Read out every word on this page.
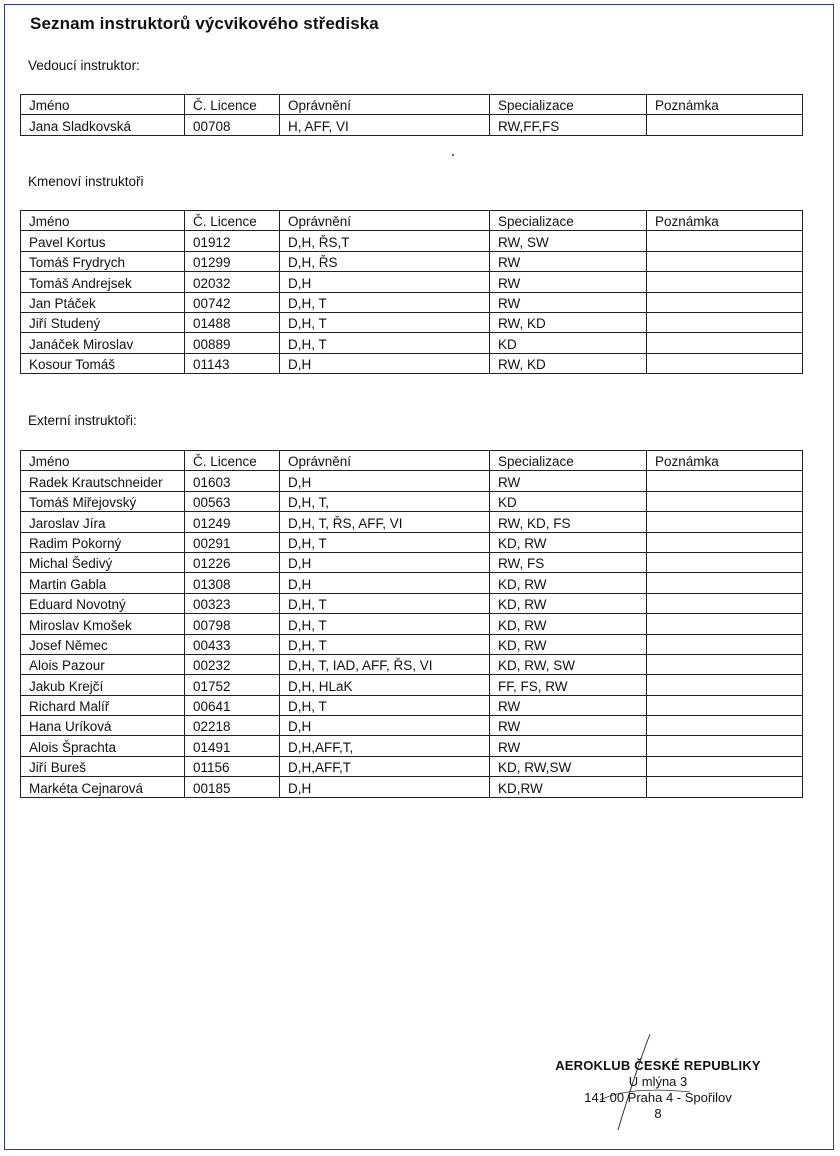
Seznam instruktorů výcvikového střediska
Vedoucí instruktor:
Jméno	Č. Licence	Oprávnění	Specializace	Poznámka
Jana Sladkovská	00708	H, AFF, VI	RW,FF,FS	
Kmenoví instruktoři
Jméno	Č. Licence	Oprávnění	Specializace	Poznámka
Pavel Kortus	01912	D,H, ŘS,T	RW, SW	
Tomáš Frydrych	01299	D,H, ŘS	RW	
Tomáš Andrejsek	02032	D,H	RW	
Jan Ptáček	00742	D,H, T	RW	
Jiří Studený	01488	D,H, T	RW, KD	
Janáček Miroslav	00889	D,H, T	KD	
Kosour Tomáš	01143	D,H	RW, KD	
Externí instruktoři:
Jméno	Č. Licence	Oprávnění	Specializace	Poznámka
Radek Krautschneider	01603	D,H	RW	
Tomáš Miřejovský	00563	D,H, T,	KD	
Jaroslav Jíra	01249	D,H, T, ŘS, AFF, VI	RW, KD, FS	
Radim Pokorný	00291	D,H, T	KD, RW	
Michal Šedivý	01226	D,H	RW, FS	
Martin Gabla	01308	D,H	KD, RW	
Eduard Novotný	00323	D,H, T	KD, RW	
Miroslav Kmošek	00798	D,H, T	KD, RW	
Josef Němec	00433	D,H, T	KD, RW	
Alois Pazour	00232	D,H, T, IAD, AFF, ŘS, VI	KD, RW, SW	
Jakub Krejčí	01752	D,H, HLaK	FF, FS, RW	
Richard Malíř	00641	D,H, T	RW	
Hana Uríková	02218	D,H	RW	
Alois Šprachta	01491	D,H,AFF,T,	RW	
Jiří Bureš	01156	D,H,AFF,T	KD, RW,SW	
Markéta Cejnarová	00185	D,H	KD,RW	
AEROKLUB ČESKÉ REPUBLIKY
U mlýna 3
141 00 Praha 4 - Spořilov
8
